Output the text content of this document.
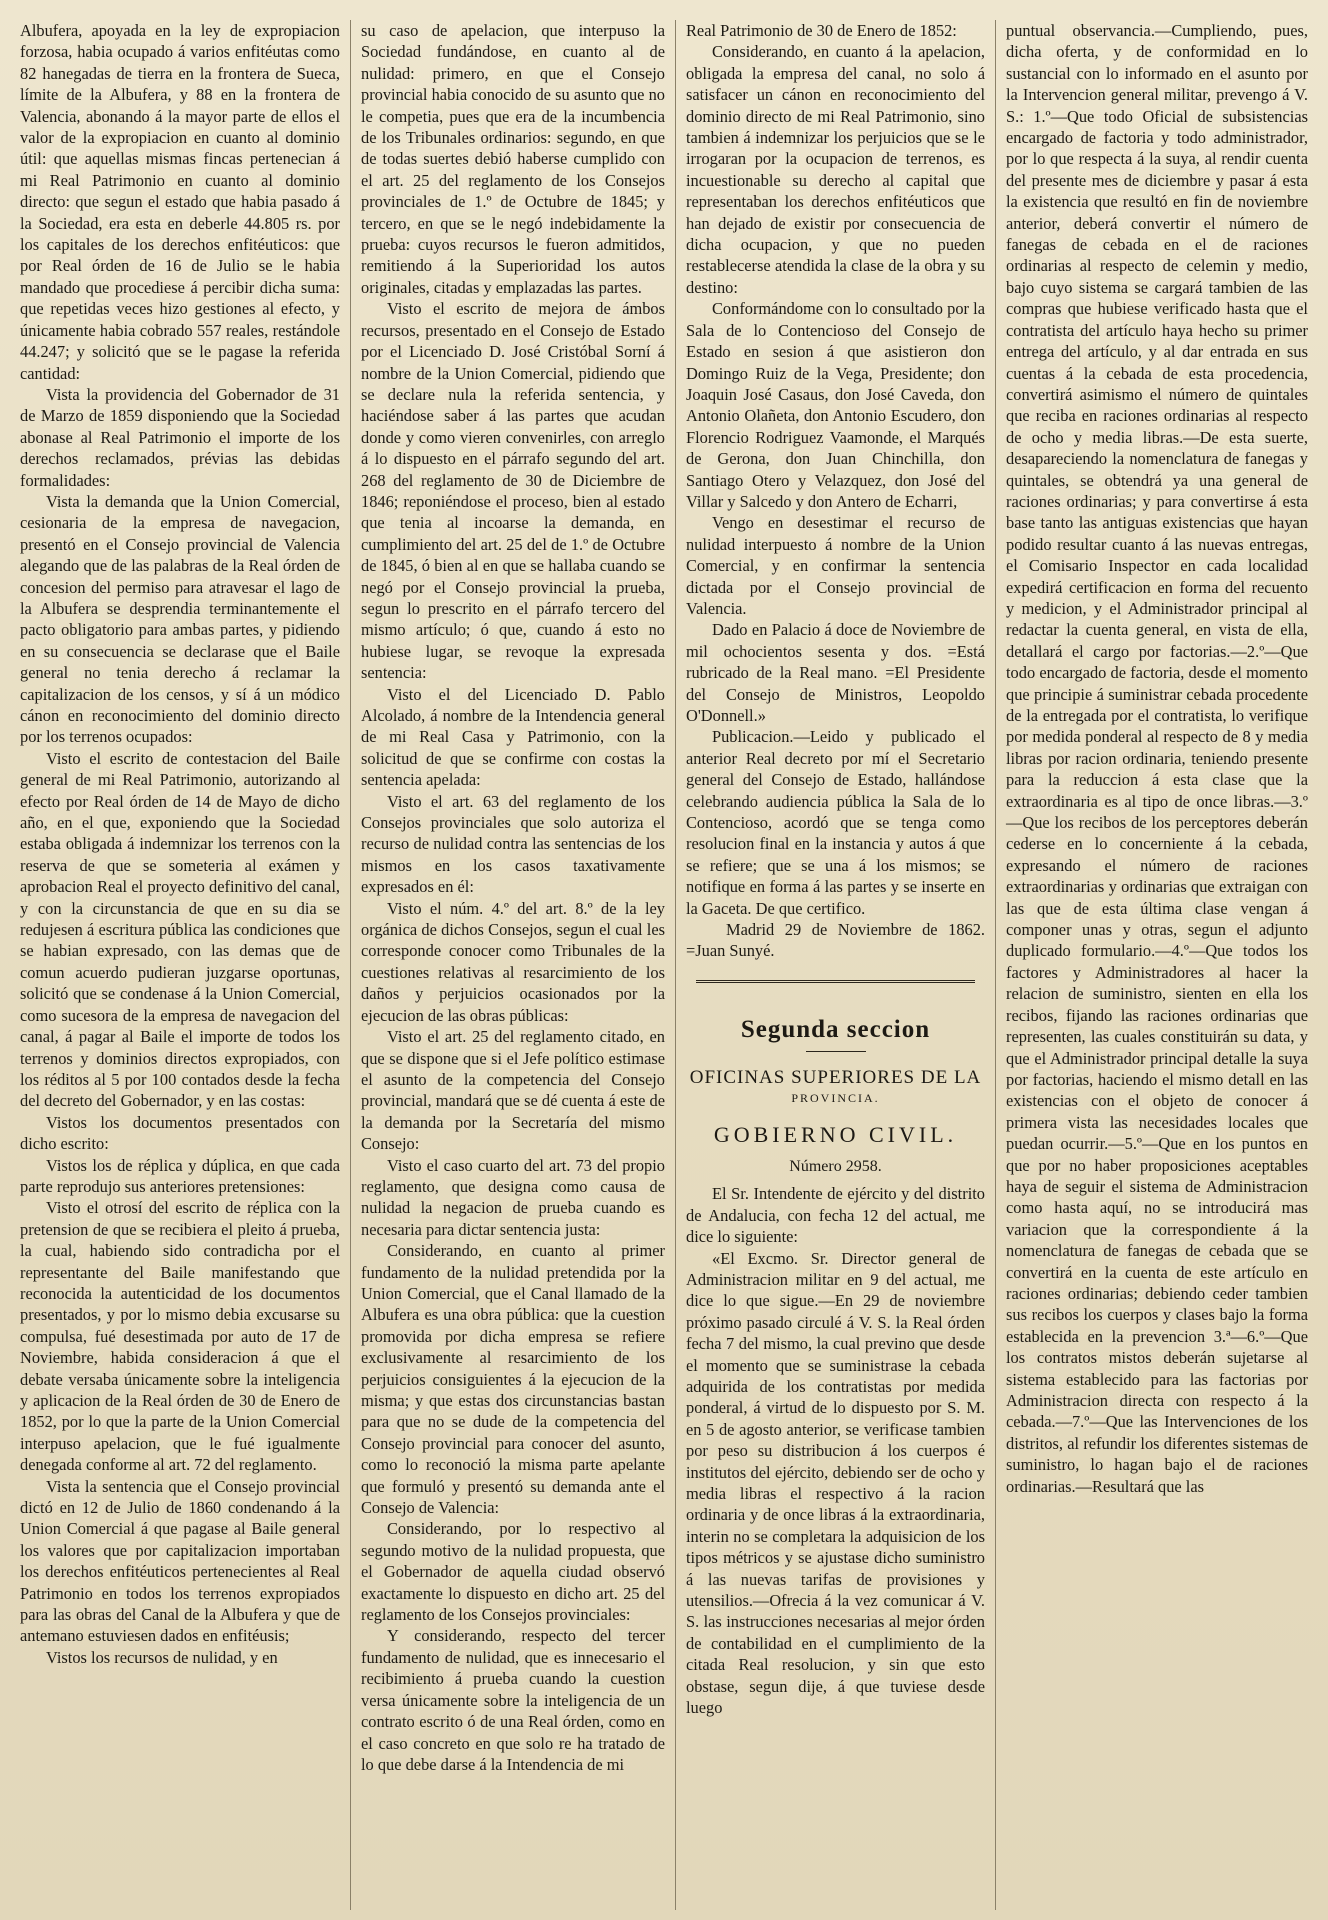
Albufera, apoyada en la ley de expropiacion forzosa, habia ocupado á varios enfitéutas como 82 hanegadas de tierra en la frontera de Sueca, límite de la Albufera, y 88 en la frontera de Valencia, abonando á la mayor parte de ellos el valor de la expropiacion en cuanto al dominio útil: que aquellas mismas fincas pertenecian á mi Real Patrimonio en cuanto al dominio directo: que segun el estado que habia pasado á la Sociedad, era esta en deberle 44.805 rs. por los capitales de los derechos enfitéuticos: que por Real órden de 16 de Julio se le habia mandado que procediese á percibir dicha suma: que repetidas veces hizo gestiones al efecto, y únicamente habia cobrado 557 reales, restándole 44.247; y solicitó que se le pagase la referida cantidad:

Vista la providencia del Gobernador de 31 de Marzo de 1859 disponiendo que la Sociedad abonase al Real Patrimonio el importe de los derechos reclamados, prévias las debidas formalidades:

Vista la demanda que la Union Comercial, cesionaria de la empresa de navegacion, presentó en el Consejo provincial de Valencia alegando que de las palabras de la Real órden de concesion del permiso para atravesar el lago de la Albufera se desprendia terminantemente el pacto obligatorio para ambas partes, y pidiendo en su consecuencia se declarase que el Baile general no tenia derecho á reclamar la capitalizacion de los censos, y sí á un módico cánon en reconocimiento del dominio directo por los terrenos ocupados:

Visto el escrito de contestacion del Baile general de mi Real Patrimonio, autorizando al efecto por Real órden de 14 de Mayo de dicho año, en el que, exponiendo que la Sociedad estaba obligada á indemnizar los terrenos con la reserva de que se someteria al exámen y aprobacion Real el proyecto definitivo del canal, y con la circunstancia de que en su dia se redujesen á escritura pública las condiciones que se habian expresado, con las demas que de comun acuerdo pudieran juzgarse oportunas, solicitó que se condenase á la Union Comercial, como sucesora de la empresa de navegacion del canal, á pagar al Baile el importe de todos los terrenos y dominios directos expropiados, con los réditos al 5 por 100 contados desde la fecha del decreto del Gobernador, y en las costas:

Vistos los documentos presentados con dicho escrito:

Vistos los de réplica y dúplica, en que cada parte reprodujo sus anteriores pretensiones:

Visto el otrosí del escrito de réplica con la pretension de que se recibiera el pleito á prueba, la cual, habiendo sido contradicha por el representante del Baile manifestando que reconocida la autenticidad de los documentos presentados, y por lo mismo debia excusarse su compulsa, fué desestimada por auto de 17 de Noviembre, habida consideracion á que el debate versaba únicamente sobre la inteligencia y aplicacion de la Real órden de 30 de Enero de 1852, por lo que la parte de la Union Comercial interpuso apelacion, que le fué igualmente denegada conforme al art. 72 del reglamento.

Vista la sentencia que el Consejo provincial dictó en 12 de Julio de 1860 condenando á la Union Comercial á que pagase al Baile general los valores que por capitalizacion importaban los derechos enfitéuticos pertenecientes al Real Patrimonio en todos los terrenos expropiados para las obras del Canal de la Albufera y que de antemano estuviesen dados en enfitéusis;

Vistos los recursos de nulidad, y en

su caso de apelacion, que interpuso la Sociedad fundándose, en cuanto al de nulidad: primero, en que el Consejo provincial habia conocido de su asunto que no le competia, pues que era de la incumbencia de los Tribunales ordinarios: segundo, en que de todas suertes debió haberse cumplido con el art. 25 del reglamento de los Consejos provinciales de 1.º de Octubre de 1845; y tercero, en que se le negó indebidamente la prueba: cuyos recursos le fueron admitidos, remitiendo á la Superioridad los autos originales, citadas y emplazadas las partes.

Visto el escrito de mejora de ámbos recursos, presentado en el Consejo de Estado por el Licenciado D. José Cristóbal Sorní á nombre de la Union Comercial, pidiendo que se declare nula la referida sentencia, y haciéndose saber á las partes que acudan donde y como vieren convenirles, con arreglo á lo dispuesto en el párrafo segundo del art. 268 del reglamento de 30 de Diciembre de 1846; reponiéndose el proceso, bien al estado que tenia al incoarse la demanda, en cumplimiento del art. 25 del de 1.º de Octubre de 1845, ó bien al en que se hallaba cuando se negó por el Consejo provincial la prueba, segun lo prescrito en el párrafo tercero del mismo artículo; ó que, cuando á esto no hubiese lugar, se revoque la expresada sentencia:

Visto el del Licenciado D. Pablo Alcolado, á nombre de la Intendencia general de mi Real Casa y Patrimonio, con la solicitud de que se confirme con costas la sentencia apelada:

Visto el art. 63 del reglamento de los Consejos provinciales que solo autoriza el recurso de nulidad contra las sentencias de los mismos en los casos taxativamente expresados en él:

Visto el núm. 4.º del art. 8.º de la ley orgánica de dichos Consejos, segun el cual les corresponde conocer como Tribunales de la cuestiones relativas al resarcimiento de los daños y perjuicios ocasionados por la ejecucion de las obras públicas:

Visto el art. 25 del reglamento citado, en que se dispone que si el Jefe político estimase el asunto de la competencia del Consejo provincial, mandará que se dé cuenta á este de la demanda por la Secretaría del mismo Consejo:

Visto el caso cuarto del art. 73 del propio reglamento, que designa como causa de nulidad la negacion de prueba cuando es necesaria para dictar sentencia justa:

Considerando, en cuanto al primer fundamento de la nulidad pretendida por la Union Comercial, que el Canal llamado de la Albufera es una obra pública: que la cuestion promovida por dicha empresa se refiere exclusivamente al resarcimiento de los perjuicios consiguientes á la ejecucion de la misma; y que estas dos circunstancias bastan para que no se dude de la competencia del Consejo provincial para conocer del asunto, como lo reconoció la misma parte apelante que formuló y presentó su demanda ante el Consejo de Valencia:

Considerando, por lo respectivo al segundo motivo de la nulidad propuesta, que el Gobernador de aquella ciudad observó exactamente lo dispuesto en dicho art. 25 del reglamento de los Consejos provinciales:

Y considerando, respecto del tercer fundamento de nulidad, que es innecesario el recibimiento á prueba cuando la cuestion versa únicamente sobre la inteligencia de un contrato escrito ó de una Real órden, como en el caso concreto en que solo re ha tratado de lo que debe darse á la Intendencia de mi

Real Patrimonio de 30 de Enero de 1852:

Considerando, en cuanto á la apelacion, obligada la empresa del canal, no solo á satisfacer un cánon en reconocimiento del dominio directo de mi Real Patrimonio, sino tambien á indemnizar los perjuicios que se le irrogaran por la ocupacion de terrenos, es incuestionable su derecho al capital que representaban los derechos enfitéuticos que han dejado de existir por consecuencia de dicha ocupacion, y que no pueden restablecerse atendida la clase de la obra y su destino:

Conformándome con lo consultado por la Sala de lo Contencioso del Consejo de Estado en sesion á que asistieron don Domingo Ruiz de la Vega, Presidente; don Joaquin José Casaus, don José Caveda, don Antonio Olañeta, don Antonio Escudero, don Florencio Rodriguez Vaamonde, el Marqués de Gerona, don Juan Chinchilla, don Santiago Otero y Velazquez, don José del Villar y Salcedo y don Antero de Echarri,

Vengo en desestimar el recurso de nulidad interpuesto á nombre de la Union Comercial, y en confirmar la sentencia dictada por el Consejo provincial de Valencia.

Dado en Palacio á doce de Noviembre de mil ochocientos sesenta y dos. =Está rubricado de la Real mano. =El Presidente del Consejo de Ministros, Leopoldo O'Donnell.»

Publicacion.—Leido y publicado el anterior Real decreto por mí el Secretario general del Consejo de Estado, hallándose celebrando audiencia pública la Sala de lo Contencioso, acordó que se tenga como resolucion final en la instancia y autos á que se refiere; que se una á los mismos; se notifique en forma á las partes y se inserte en la Gaceta. De que certifico.

Madrid 29 de Noviembre de 1862. =Juan Sunyé.

Segunda seccion

OFICINAS SUPERIORES DE LA

PROVINCIA.

GOBIERNO CIVIL.

Número 2958.

El Sr. Intendente de ejército y del distrito de Andalucia, con fecha 12 del actual, me dice lo siguiente:

«El Excmo. Sr. Director general de Administracion militar en 9 del actual, me dice lo que sigue.—En 29 de noviembre próximo pasado circulé á V. S. la Real órden fecha 7 del mismo, la cual previno que desde el momento que se suministrase la cebada adquirida de los contratistas por medida ponderal, á virtud de lo dispuesto por S. M. en 5 de agosto anterior, se verificase tambien por peso su distribucion á los cuerpos é institutos del ejército, debiendo ser de ocho y media libras el respectivo á la racion ordinaria y de once libras á la extraordinaria, interin no se completara la adquisicion de los tipos métricos y se ajustase dicho suministro á las nuevas tarifas de provisiones y utensilios.—Ofrecia á la vez comunicar á V. S. las instrucciones necesarias al mejor órden de contabilidad en el cumplimiento de la citada Real resolucion, y sin que esto obstase, segun dije, á que tuviese desde luego

puntual observancia.—Cumpliendo, pues, dicha oferta, y de conformidad en lo sustancial con lo informado en el asunto por la Intervencion general militar, prevengo á V. S.: 1.º—Que todo Oficial de subsistencias encargado de factoria y todo administrador, por lo que respecta á la suya, al rendir cuenta del presente mes de diciembre y pasar á esta la existencia que resultó en fin de noviembre anterior, deberá convertir el número de fanegas de cebada en el de raciones ordinarias al respecto de celemin y medio, bajo cuyo sistema se cargará tambien de las compras que hubiese verificado hasta que el contratista del artículo haya hecho su primer entrega del artículo, y al dar entrada en sus cuentas á la cebada de esta procedencia, convertirá asimismo el número de quintales que reciba en raciones ordinarias al respecto de ocho y media libras.—De esta suerte, desapareciendo la nomenclatura de fanegas y quintales, se obtendrá ya una general de raciones ordinarias; y para convertirse á esta base tanto las antiguas existencias que hayan podido resultar cuanto á las nuevas entregas, el Comisario Inspector en cada localidad expedirá certificacion en forma del recuento y medicion, y el Administrador principal al redactar la cuenta general, en vista de ella, detallará el cargo por factorias.—2.º—Que todo encargado de factoria, desde el momento que principie á suministrar cebada procedente de la entregada por el contratista, lo verifique por medida ponderal al respecto de 8 y media libras por racion ordinaria, teniendo presente para la reduccion á esta clase que la extraordinaria es al tipo de once libras.—3.º—Que los recibos de los perceptores deberán cederse en lo concerniente á la cebada, expresando el número de raciones extraordinarias y ordinarias que extraigan con las que de esta última clase vengan á componer unas y otras, segun el adjunto duplicado formulario.—4.º—Que todos los factores y Administradores al hacer la relacion de suministro, sienten en ella los recibos, fijando las raciones ordinarias que representen, las cuales constituirán su data, y que el Administrador principal detalle la suya por factorias, haciendo el mismo detall en las existencias con el objeto de conocer á primera vista las necesidades locales que puedan ocurrir.—5.º—Que en los puntos en que por no haber proposiciones aceptables haya de seguir el sistema de Administracion como hasta aquí, no se introducirá mas variacion que la correspondiente á la nomenclatura de fanegas de cebada que se convertirá en la cuenta de este artículo en raciones ordinarias; debiendo ceder tambien sus recibos los cuerpos y clases bajo la forma establecida en la prevencion 3.ª—6.º—Que los contratos mistos deberán sujetarse al sistema establecido para las factorias por Administracion directa con respecto á la cebada.—7.º—Que las Intervenciones de los distritos, al refundir los diferentes sistemas de suministro, lo hagan bajo el de raciones ordinarias.—Resultará que las
